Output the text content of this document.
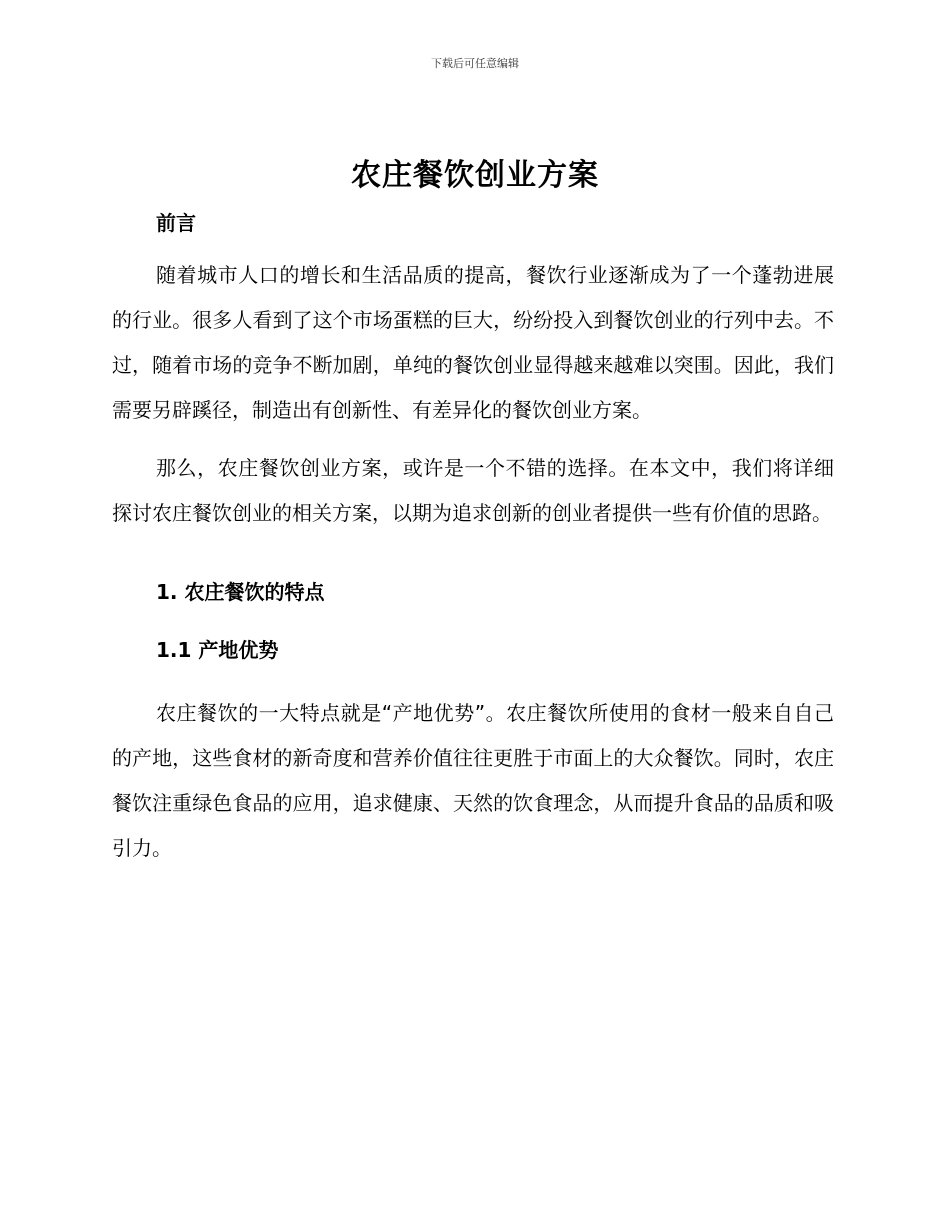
下载后可任意编辑
农庄餐饮创业方案

前言

随着城市人口的增长和生活品质的提高，餐饮行业逐渐成为了一个蓬勃进展的行业。很多人看到了这个市场蛋糕的巨大，纷纷投入到餐饮创业的行列中去。不过，随着市场的竞争不断加剧，单纯的餐饮创业显得越来越难以突围。因此，我们需要另辟蹊径，制造出有创新性、有差异化的餐饮创业方案。

那么，农庄餐饮创业方案，或许是一个不错的选择。在本文中，我们将详细探讨农庄餐饮创业的相关方案，以期为追求创新的创业者提供一些有价值的思路。

1. 农庄餐饮的特点

1.1 产地优势

农庄餐饮的一大特点就是“产地优势”。农庄餐饮所使用的食材一般来自自己的产地，这些食材的新奇度和营养价值往往更胜于市面上的大众餐饮。同时，农庄餐饮注重绿色食品的应用，追求健康、天然的饮食理念，从而提升食品的品质和吸引力。
